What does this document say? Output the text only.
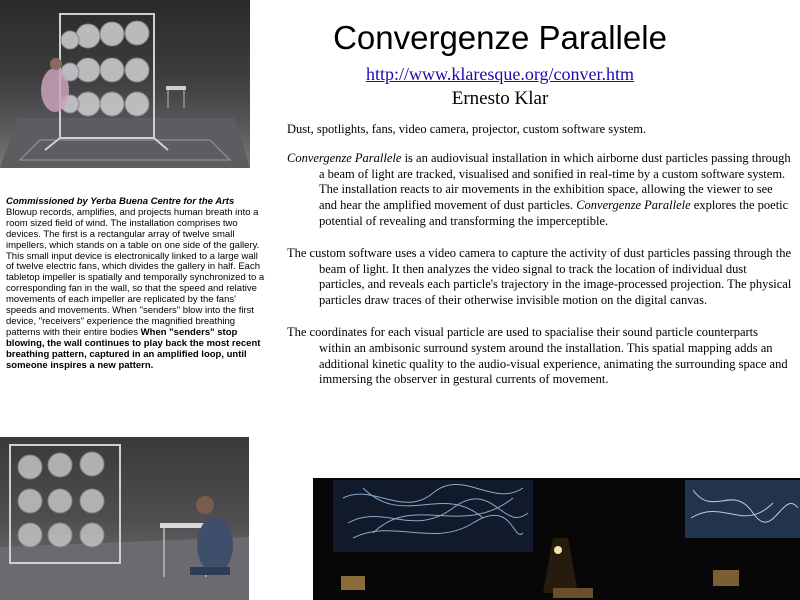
Convergenze Parallele
http://www.klaresque.org/conver.htm
Ernesto Klar
Commissioned by Yerba Buena Centre for the Arts Blowup records, amplifies, and projects human breath into a room sized field of wind. The installation comprises two devices. The first is a rectangular array of twelve small impellers, which stands on a table on one side of the gallery. This small input device is electronically linked to a large wall of twelve electric fans, which divides the gallery in half. Each tabletop impeller is spatially and temporally synchronized to a corresponding fan in the wall, so that the speed and relative movements of each impeller are replicated by the fans' speeds and movements. When "senders" blow into the first device, "receivers" experience the magnified breathing patterns with their entire bodies When "senders" stop blowing, the wall continues to play back the most recent breathing pattern, captured in an amplified loop, until someone inspires a new pattern.

Dust, spotlights, fans, video camera, projector, custom software system.

Convergenze Parallele is an audiovisual installation in which airborne dust particles passing through a beam of light are tracked, visualised and sonified in real-time by a custom software system. The installation reacts to air movements in the exhibition space, allowing the viewer to see and hear the amplified movement of dust particles. Convergenze Parallele explores the poetic potential of revealing and transforming the imperceptible.

The custom software uses a video camera to capture the activity of dust particles passing through the beam of light. It then analyzes the video signal to track the location of individual dust particles, and reveals each particle's trajectory in the image-processed projection. The physical particles draw traces of their otherwise invisible motion on the digital canvas.

The coordinates for each visual particle are used to spacialise their sound particle counterparts within an ambisonic surround system around the installation. This spatial mapping adds an additional kinetic quality to the audio-visual experience, animating the surrounding space and immersing the observer in gestural currents of movement.
